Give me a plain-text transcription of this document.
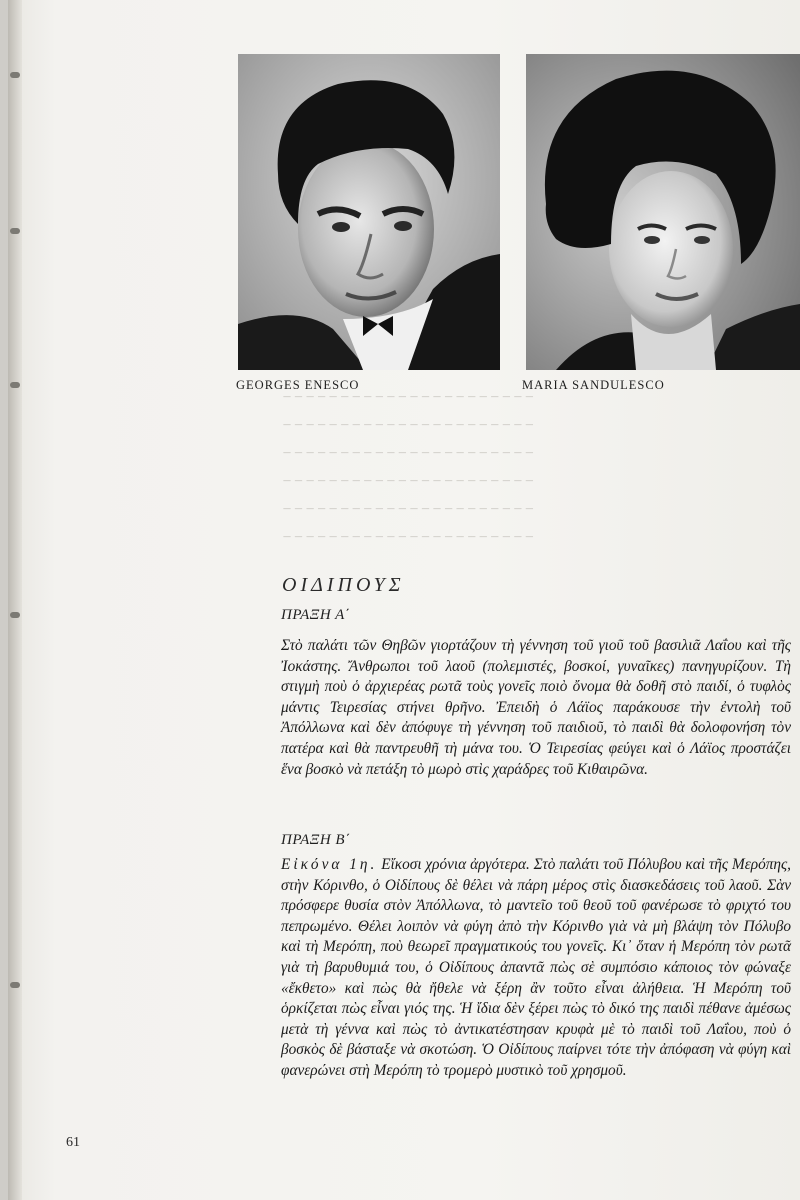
— — — — — — — — — — — — — — — — — — — — — —
— — — — — — — — — — — — — — — — — — — — — —
— — — — — — — — — — — — — — — — — — — — — —
— — — — — — — — — — — — — — — — — — — — — —
— — — — — — — — — — — — — — — — — — — — — —
— — — — — — — — — — — — — — — — — — — — — —

GEORGES ENESCO	MARIA SANDULESCO

ΟΙΔΙΠΟΥΣ
ΠΡΑΞΗ Α΄

Στὸ παλάτι τῶν Θηβῶν γιορτάζουν τὴ γέννηση τοῦ γιοῦ τοῦ βασιλιᾶ Λαΐου καὶ τῆς Ἰοκάστης. Ἄνθρωποι τοῦ λαοῦ (πολεμιστές, βοσκοί, γυναῖκες) πανηγυρίζουν. Τὴ στιγμὴ ποὺ ὁ ἀρχιερέας ρωτᾶ τοὺς γονεῖς ποιὸ ὄνομα θὰ δοθῆ στὸ παιδί, ὁ τυφλὸς μάντις Τειρεσίας στήνει θρῆνο. Ἐπειδὴ ὁ Λάϊος παράκουσε τὴν ἐντολὴ τοῦ Ἀπόλλωνα καὶ δὲν ἀπόφυγε τὴ γέννηση τοῦ παιδιοῦ, τὸ παιδὶ θὰ δολοφονήση τὸν πατέρα καὶ θὰ παντρευθῆ τὴ μάνα του. Ὁ Τειρεσίας φεύγει καὶ ὁ Λάϊος προστάζει ἕνα βοσκὸ νὰ πετάξη τὸ μωρὸ στὶς χαράδρες τοῦ Κιθαιρῶνα.

ΠΡΑΞΗ Β΄

Εἰκόνα 1η. Εἴκοσι χρόνια ἀργότερα. Στὸ παλάτι τοῦ Πόλυβου καὶ τῆς Μερόπης, στὴν Κόρινθο, ὁ Οἰδίπους δὲ θέλει νὰ πάρη μέρος στὶς διασκεδάσεις τοῦ λαοῦ. Σὰν πρόσφερε θυσία στὸν Ἀπόλλωνα, τὸ μαντεῖο τοῦ θεοῦ τοῦ φανέρωσε τὸ φριχτό του πεπρωμένο. Θέλει λοιπὸν νὰ φύγη ἀπὸ τὴν Κόρινθο γιὰ νὰ μὴ βλάψη τὸν Πόλυβο καὶ τὴ Μερόπη, ποὺ θεωρεῖ πραγματικούς του γονεῖς. Κι᾽ ὅταν ἡ Μερόπη τὸν ρωτᾶ γιὰ τὴ βαρυθυμιά του, ὁ Οἰδίπους ἀπαντᾶ πὼς σὲ συμπόσιο κάποιος τὸν φώναξε «ἔκθετο» καὶ πὼς θὰ ἤθελε νὰ ξέρη ἂν τοῦτο εἶναι ἀλήθεια. Ἡ Μερόπη τοῦ ὁρκίζεται πὼς εἶναι γιός της. Ἡ ἴδια δὲν ξέρει πὼς τὸ δικό της παιδὶ πέθανε ἀμέσως μετὰ τὴ γέννα καὶ πὼς τὸ ἀντικατέστησαν κρυφὰ μὲ τὸ παιδὶ τοῦ Λαΐου, ποὺ ὁ βοσκὸς δὲ βάσταξε νὰ σκοτώση. Ὁ Οἰδίπους παίρνει τότε τὴν ἀπόφαση νὰ φύγη καὶ φανερώνει στὴ Μερόπη τὸ τρομερὸ μυστικὸ τοῦ χρησμοῦ.

61
